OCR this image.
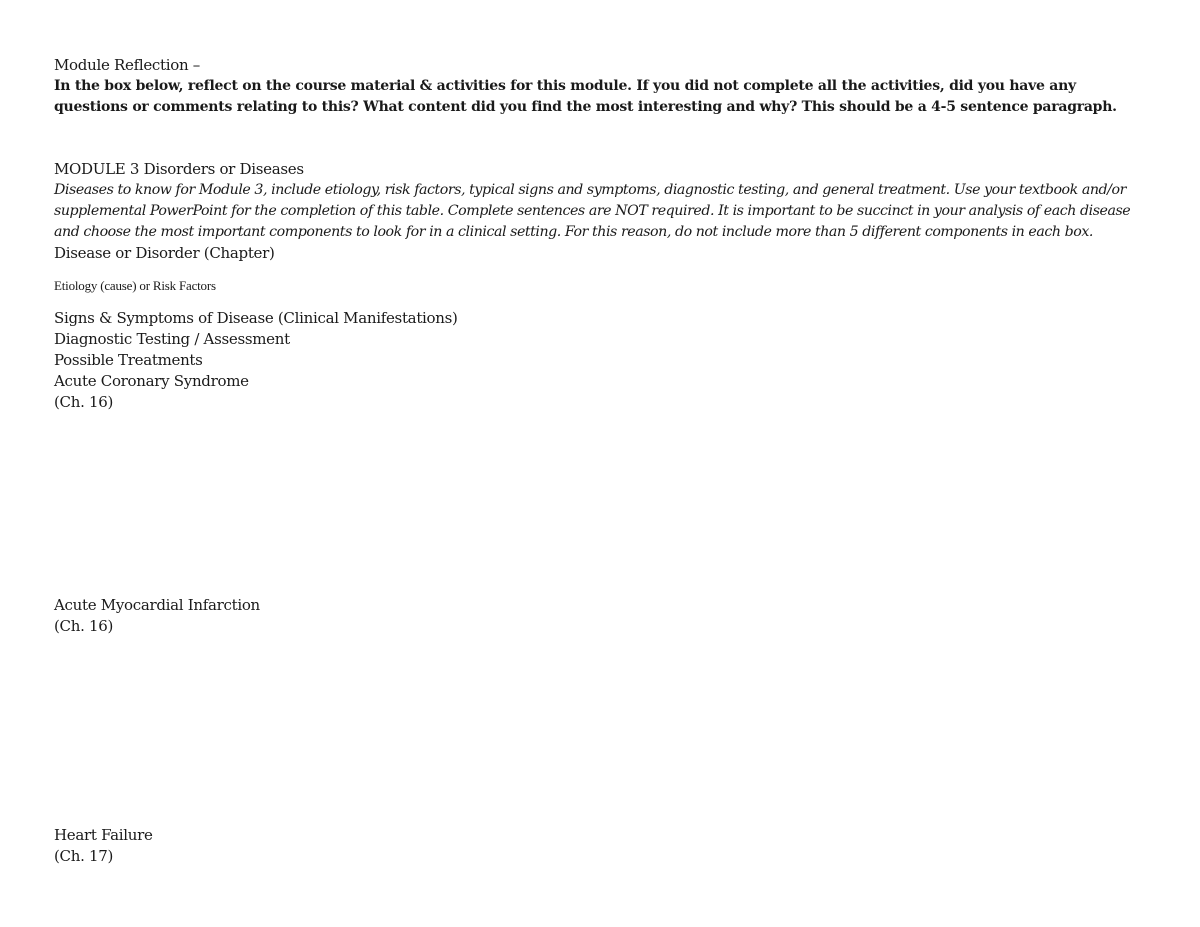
Module Reflection –

In the box below, reflect on the course material & activities for this module. If you did not complete all the activities, did you have any questions or comments relating to this? What content did you find the most interesting and why? This should be a 4-5 sentence paragraph.

MODULE 3 Disorders or Diseases

Diseases to know for Module 3, include etiology, risk factors, typical signs and symptoms, diagnostic testing, and general treatment. Use your textbook and/or supplemental PowerPoint for the completion of this table. Complete sentences are NOT required. It is important to be succinct in your analysis of each disease and choose the most important components to look for in a clinical setting. For this reason, do not include more than 5 different components in each box.

Disease or Disorder (Chapter)

Etiology (cause) or Risk Factors

Signs & Symptoms of Disease (Clinical Manifestations)

Diagnostic Testing / Assessment

Possible Treatments

Acute Coronary Syndrome

(Ch. 16)

Acute Myocardial Infarction

(Ch. 16)

Heart Failure

(Ch. 17)
